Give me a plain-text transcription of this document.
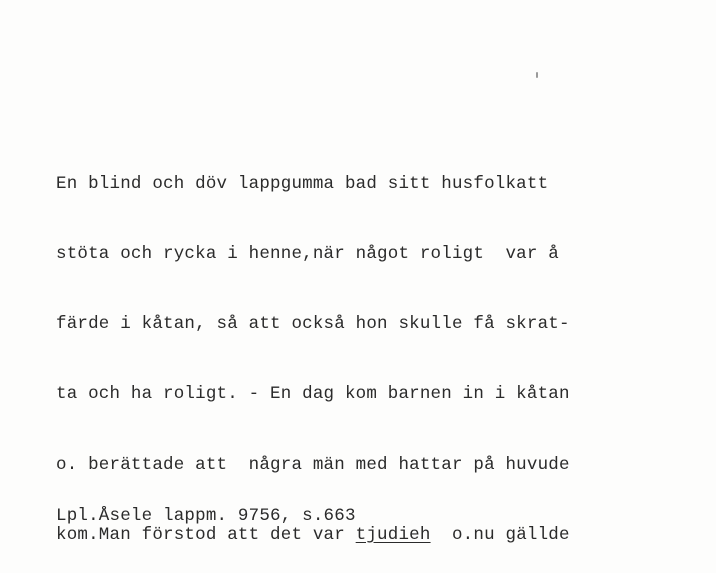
En blind och döv lappgumma bad sitt husfolkatt

stöta och rycka i henne,när något roligt  var å

färde i kåtan, så att också hon skulle få skrat-

ta och ha roligt. - En dag kom barnen in i kåtan

o. berättade att  några män med hattar på huvude

kom.Man förstod att det var tjudieh  o.nu gällde

Lpl.Åsele lappm. 9756, s.663
